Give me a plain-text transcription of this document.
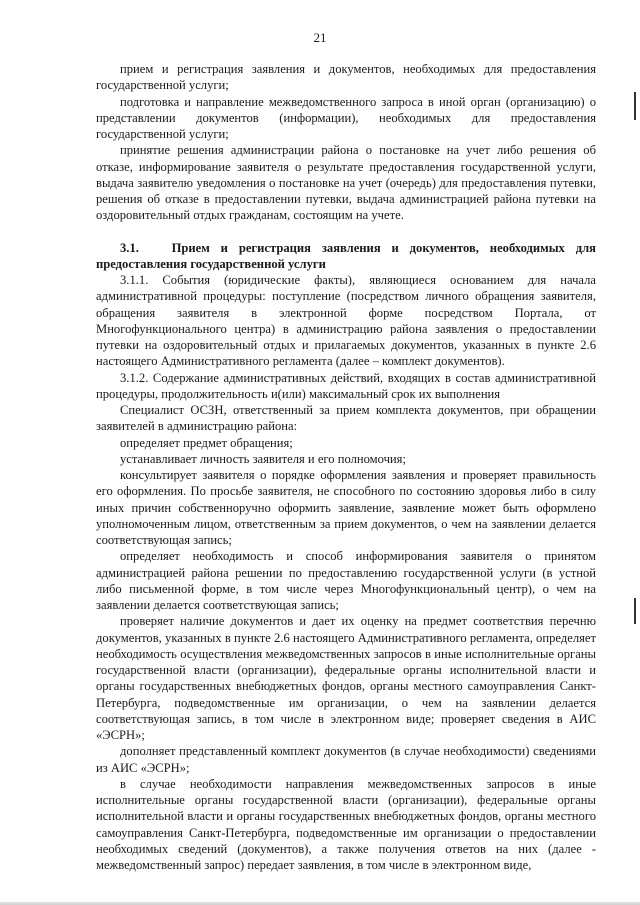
21

прием и регистрация заявления и документов, необходимых для предоставления государственной услуги;

подготовка и направление межведомственного запроса в иной орган (организацию) о представлении документов (информации), необходимых для предоставления государственной услуги;

принятие решения администрации района о постановке на учет либо решения об отказе, информирование заявителя о результате предоставления государственной услуги, выдача заявителю уведомления о постановке на учет (очередь) для предоставления путевки, решения об отказе в предоставлении путевки, выдача администрацией района путевки на оздоровительный отдых гражданам, состоящим на учете.

3.1.   Прием и регистрация заявления и документов, необходимых для предоставления государственной услуги

3.1.1. События (юридические факты), являющиеся основанием для начала административной процедуры: поступление (посредством личного обращения заявителя, обращения заявителя в электронной форме посредством Портала, от Многофункционального центра) в администрацию района заявления о предоставлении путевки на оздоровительный отдых и прилагаемых документов, указанных в пункте 2.6 настоящего Административного регламента (далее – комплект документов).

3.1.2. Содержание административных действий, входящих в состав административной процедуры, продолжительность и(или) максимальный срок их выполнения

Специалист ОСЗН, ответственный за прием комплекта документов, при обращении заявителей в администрацию района:

определяет предмет обращения;

устанавливает личность заявителя и его полномочия;

консультирует заявителя о порядке оформления заявления и проверяет правильность его оформления. По просьбе заявителя, не способного по состоянию здоровья либо в силу иных причин собственноручно оформить заявление, заявление может быть оформлено уполномоченным лицом, ответственным за прием документов, о чем на заявлении делается соответствующая запись;

определяет необходимость и способ информирования заявителя о принятом администрацией района решении по предоставлению государственной услуги (в устной либо письменной форме, в том числе через Многофункциональный центр), о чем на заявлении делается соответствующая запись;

проверяет наличие документов и дает их оценку на предмет соответствия перечню документов, указанных в пункте 2.6 настоящего Административного регламента, определяет необходимость осуществления межведомственных запросов в иные исполнительные органы государственной власти (организации), федеральные органы исполнительной власти и органы государственных внебюджетных фондов, органы местного самоуправления Санкт-Петербурга, подведомственные им организации, о чем на заявлении делается соответствующая запись, в том числе в электронном виде; проверяет сведения в АИС «ЭСРН»;

дополняет представленный комплект документов (в случае необходимости) сведениями из АИС «ЭСРН»;

в случае необходимости направления межведомственных запросов в иные исполнительные органы государственной власти (организации), федеральные органы исполнительной власти и органы государственных внебюджетных фондов, органы местного самоуправления Санкт-Петербурга, подведомственные им организации о предоставлении необходимых сведений (документов), а также получения ответов на них (далее - межведомственный запрос) передает заявления, в том числе в электронном виде,
